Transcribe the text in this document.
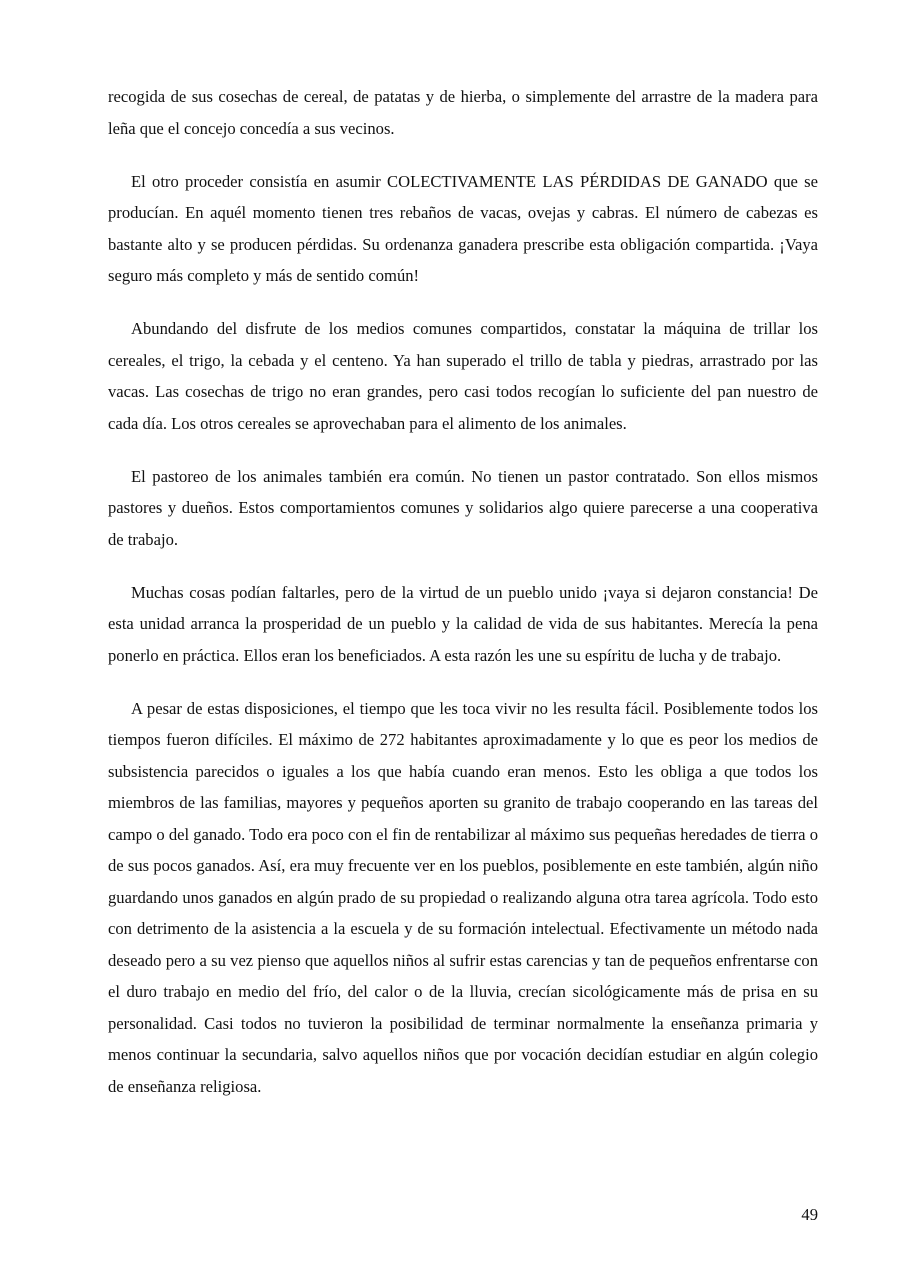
recogida de sus cosechas de cereal, de patatas y de hierba, o simplemente del arrastre de la madera para leña que el concejo concedía a sus vecinos.

El otro proceder consistía en asumir COLECTIVAMENTE LAS PÉRDIDAS DE GANADO que se producían. En aquél momento tienen tres rebaños de vacas, ovejas y cabras. El número de cabezas es bastante alto y se producen pérdidas. Su ordenanza ganadera prescribe esta obligación compartida. ¡Vaya seguro más completo y más de sentido común!

Abundando del disfrute de los medios comunes compartidos, constatar la máquina de trillar los cereales, el trigo, la cebada y el centeno. Ya han superado el trillo de tabla y piedras, arrastrado por las vacas. Las cosechas de trigo no eran grandes, pero casi todos recogían lo suficiente del pan nuestro de cada día. Los otros cereales se aprovechaban para el alimento de los animales.

El pastoreo de los animales también era común. No tienen un pastor contratado. Son ellos mismos pastores y dueños. Estos comportamientos comunes y solidarios algo quiere parecerse a una cooperativa de trabajo.

Muchas cosas podían faltarles, pero de la virtud de un pueblo unido ¡vaya si dejaron constancia! De esta unidad arranca la prosperidad de un pueblo y la calidad de vida de sus habitantes. Merecía la pena ponerlo en práctica. Ellos eran los beneficiados. A esta razón les une su espíritu de lucha y de trabajo.

A pesar de estas disposiciones, el tiempo que les toca vivir no les resulta fácil. Posiblemente todos los tiempos fueron difíciles. El máximo de 272 habitantes aproximadamente y lo que es peor los medios de subsistencia parecidos o iguales a los que había cuando eran menos. Esto les obliga a que todos los miembros de las familias, mayores y pequeños aporten su granito de trabajo cooperando en las tareas del campo o del ganado. Todo era poco con el fin de rentabilizar al máximo sus pequeñas heredades de tierra o de sus pocos ganados. Así, era muy frecuente ver en los pueblos, posiblemente en este también, algún niño guardando unos ganados en algún prado de su propiedad o realizando alguna otra tarea agrícola. Todo esto con detrimento de la asistencia a la escuela y de su formación intelectual. Efectivamente un método nada deseado pero a su vez pienso que aquellos niños al sufrir estas carencias y tan de pequeños enfrentarse con el duro trabajo en medio del frío, del calor o de la lluvia, crecían sicológicamente más de prisa en su personalidad. Casi todos no tuvieron la posibilidad de terminar normalmente la enseñanza primaria y menos continuar la secundaria, salvo aquellos niños que por vocación decidían estudiar en algún colegio de enseñanza religiosa.

49
